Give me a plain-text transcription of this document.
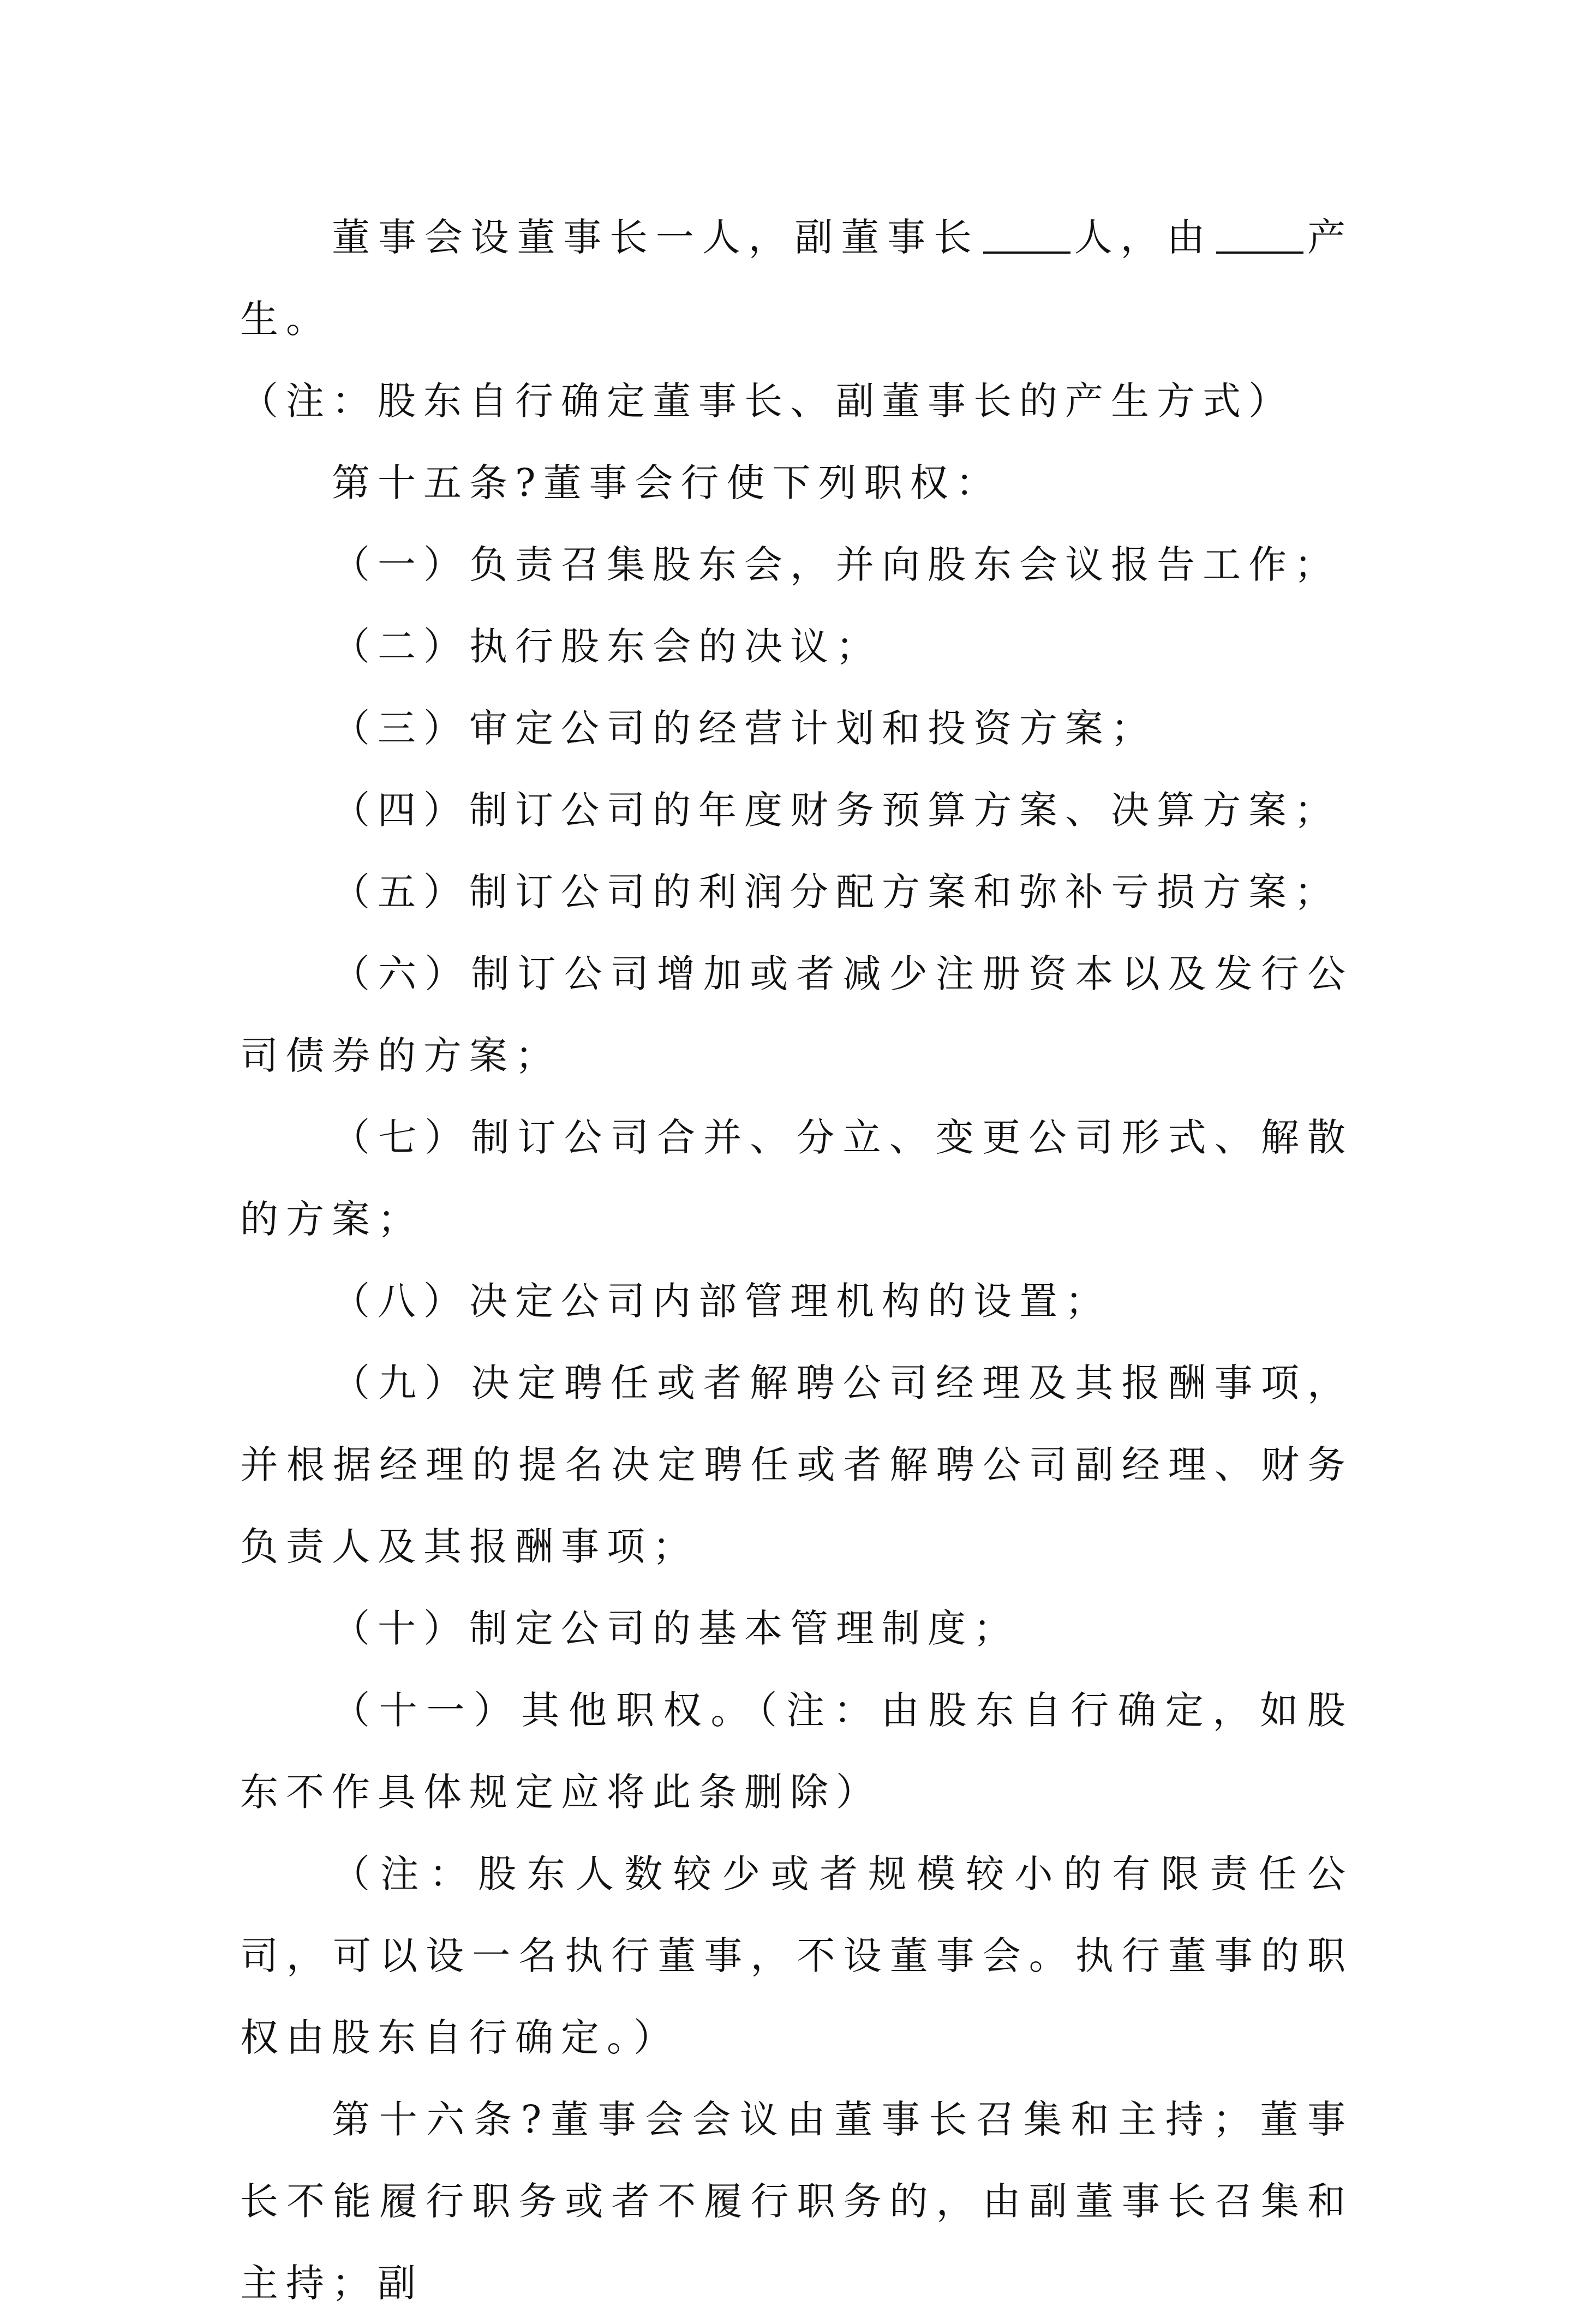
董事会设董事长一人，副董事长 人，由 产生。

（注：股东自行确定董事长、副董事长的产生方式）

第十五条?董事会行使下列职权：

（一）负责召集股东会，并向股东会议报告工作；

（二）执行股东会的决议；

（三）审定公司的经营计划和投资方案；

（四）制订公司的年度财务预算方案、决算方案；

（五）制订公司的利润分配方案和弥补亏损方案；

（六）制订公司增加或者减少注册资本以及发行公司债券的方案；

（七）制订公司合并、分立、变更公司形式、解散的方案；

（八）决定公司内部管理机构的设置；

（九）决定聘任或者解聘公司经理及其报酬事项，并根据经理的提名决定聘任或者解聘公司副经理、财务负责人及其报酬事项；

（十）制定公司的基本管理制度；

（十一）其他职权。（注：由股东自行确定，如股东不作具体规定应将此条删除）

（注：股东人数较少或者规模较小的有限责任公司，可以设一名执行董事，不设董事会。执行董事的职权由股东自行确定。）

第十六条?董事会会议由董事长召集和主持；董事长不能履行职务或者不履行职务的，由副董事长召集和主持；副
